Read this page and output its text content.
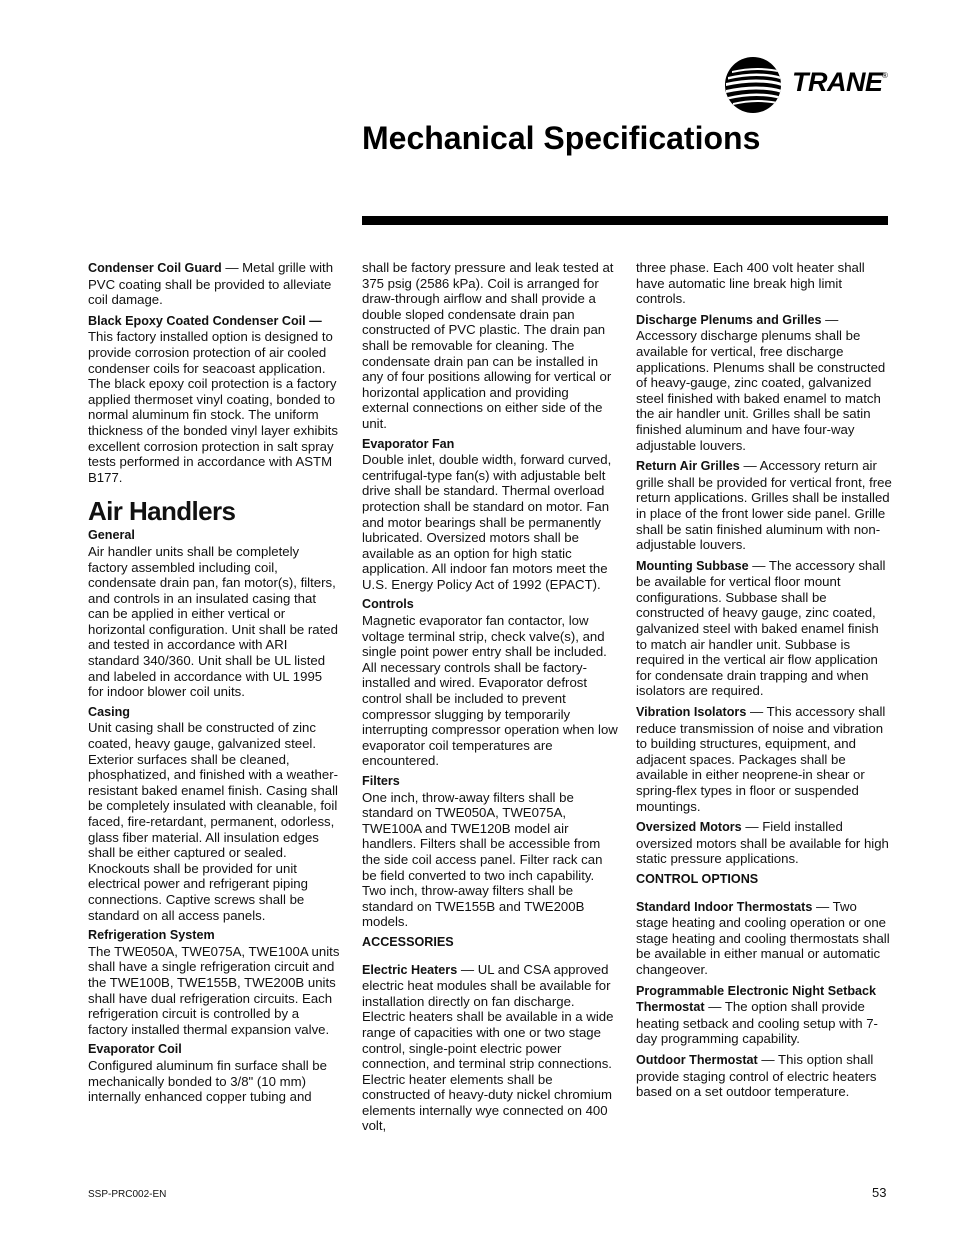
TRANE ®
Mechanical Specifications

Condenser Coil Guard — Metal grille with PVC coating shall be provided to alleviate coil damage.

Black Epoxy Coated Condenser Coil — This factory installed option is designed to provide corrosion protection of air cooled condenser coils for seacoast application. The black epoxy coil protection is a factory applied thermoset vinyl coating, bonded to normal aluminum fin stock. The uniform thickness of the bonded vinyl layer exhibits excellent corrosion protection in salt spray tests performed in accordance with ASTM B177.

Air Handlers

General
Air handler units shall be completely factory assembled including coil, condensate drain pan, fan motor(s), filters, and controls in an insulated casing that can be applied in either vertical or horizontal configuration. Unit shall be rated and tested in accordance with ARI standard 340/360. Unit shall be UL listed and labeled in accordance with UL 1995 for indoor blower coil units.

Casing
Unit casing shall be constructed of zinc coated, heavy gauge, galvanized steel. Exterior surfaces shall be cleaned, phosphatized, and finished with a weather-resistant baked enamel finish. Casing shall be completely insulated with cleanable, foil faced, fire-retardant, permanent, odorless, glass fiber material. All insulation edges shall be either captured or sealed. Knockouts shall be provided for unit electrical power and refrigerant piping connections. Captive screws shall be standard on all access panels.

Refrigeration System
The TWE050A, TWE075A, TWE100A units shall have a single refrigeration circuit and the TWE100B, TWE155B, TWE200B units shall have dual refrigeration circuits. Each refrigeration circuit is controlled by a factory installed thermal expansion valve.

Evaporator Coil
Configured aluminum fin surface shall be mechanically bonded to 3/8" (10 mm) internally enhanced copper tubing and

shall be factory pressure and leak tested at 375 psig (2586 kPa). Coil is arranged for draw-through airflow and shall provide a double sloped condensate drain pan constructed of PVC plastic. The drain pan shall be removable for cleaning. The condensate drain pan can be installed in any of four positions allowing for vertical or horizontal application and providing external connections on either side of the unit.

Evaporator Fan
Double inlet, double width, forward curved, centrifugal-type fan(s) with adjustable belt drive shall be standard. Thermal overload protection shall be standard on motor. Fan and motor bearings shall be permanently lubricated. Oversized motors shall be available as an option for high static application. All indoor fan motors meet the U.S. Energy Policy Act of 1992 (EPACT).

Controls
Magnetic evaporator fan contactor, low voltage terminal strip, check valve(s), and single point power entry shall be included. All necessary controls shall be factory-installed and wired. Evaporator defrost control shall be included to prevent compressor slugging by temporarily interrupting compressor operation when low evaporator coil temperatures are encountered.

Filters
One inch, throw-away filters shall be standard on TWE050A, TWE075A, TWE100A and TWE120B model air handlers. Filters shall be accessible from the side coil access panel. Filter rack can be field converted to two inch capability. Two inch, throw-away filters shall be standard on TWE155B and TWE200B models.

ACCESSORIES

Electric Heaters — UL and CSA approved electric heat modules shall be available for installation directly on fan discharge. Electric heaters shall be available in a wide range of capacities with one or two stage control, single-point electric power connection, and terminal strip connections. Electric heater elements shall be constructed of heavy-duty nickel chromium elements internally wye connected on 400 volt,

three phase. Each 400 volt heater shall have automatic line break high limit controls.

Discharge Plenums and Grilles — Accessory discharge plenums shall be available for vertical, free discharge applications. Plenums shall be constructed of heavy-gauge, zinc coated, galvanized steel finished with baked enamel to match the air handler unit. Grilles shall be satin finished aluminum and have four-way adjustable louvers.

Return Air Grilles — Accessory return air grille shall be provided for vertical front, free return applications. Grilles shall be installed in place of the front lower side panel. Grille shall be satin finished aluminum with non-adjustable louvers.

Mounting Subbase — The accessory shall be available for vertical floor mount configurations. Subbase shall be constructed of heavy gauge, zinc coated, galvanized steel with baked enamel finish to match air handler unit. Subbase is required in the vertical air flow application for condensate drain trapping and when isolators are required.

Vibration Isolators — This accessory shall reduce transmission of noise and vibration to building structures, equipment, and adjacent spaces. Packages shall be available in either neoprene-in shear or spring-flex types in floor or suspended mountings.

Oversized Motors — Field installed oversized motors shall be available for high static pressure applications.

CONTROL OPTIONS

Standard Indoor Thermostats — Two stage heating and cooling operation or one stage heating and cooling thermostats shall be available in either manual or automatic changeover.

Programmable Electronic Night Setback Thermostat — The option shall provide heating setback and cooling setup with 7-day programming capability.

Outdoor Thermostat — This option shall provide staging control of electric heaters based on a set outdoor temperature.

SSP-PRC002-EN	53
